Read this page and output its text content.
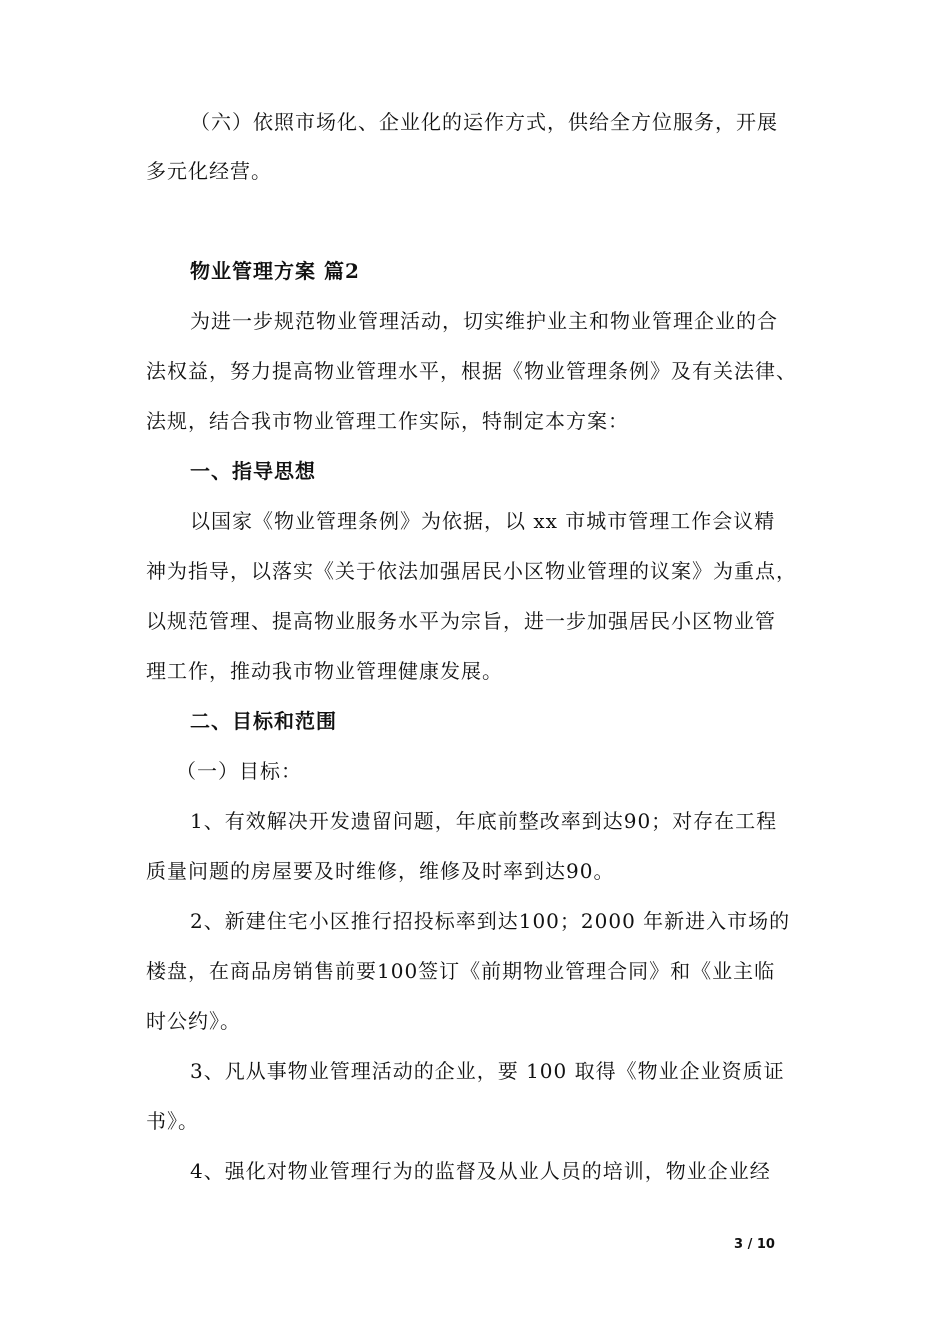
（六）依照市场化、企业化的运作方式，供给全方位服务，开展
多元化经营。
物业管理方案 篇2
为进一步规范物业管理活动，切实维护业主和物业管理企业的合
法权益，努力提高物业管理水平，根据《物业管理条例》及有关法律、
法规，结合我市物业管理工作实际，特制定本方案：
一、指导思想
以国家《物业管理条例》为依据，以 xx 市城市管理工作会议精
神为指导，以落实《关于依法加强居民小区物业管理的议案》为重点，
以规范管理、提高物业服务水平为宗旨，进一步加强居民小区物业管
理工作，推动我市物业管理健康发展。
二、目标和范围
（一）目标：
1、有效解决开发遗留问题，年底前整改率到达90；对存在工程
质量问题的房屋要及时维修，维修及时率到达90。
2、新建住宅小区推行招投标率到达100；2000 年新进入市场的
楼盘，在商品房销售前要100签订《前期物业管理合同》和《业主临
时公约》。
3、凡从事物业管理活动的企业，要 100 取得《物业企业资质证
书》。
4、强化对物业管理行为的监督及从业人员的培训，物业企业经
3 / 10
